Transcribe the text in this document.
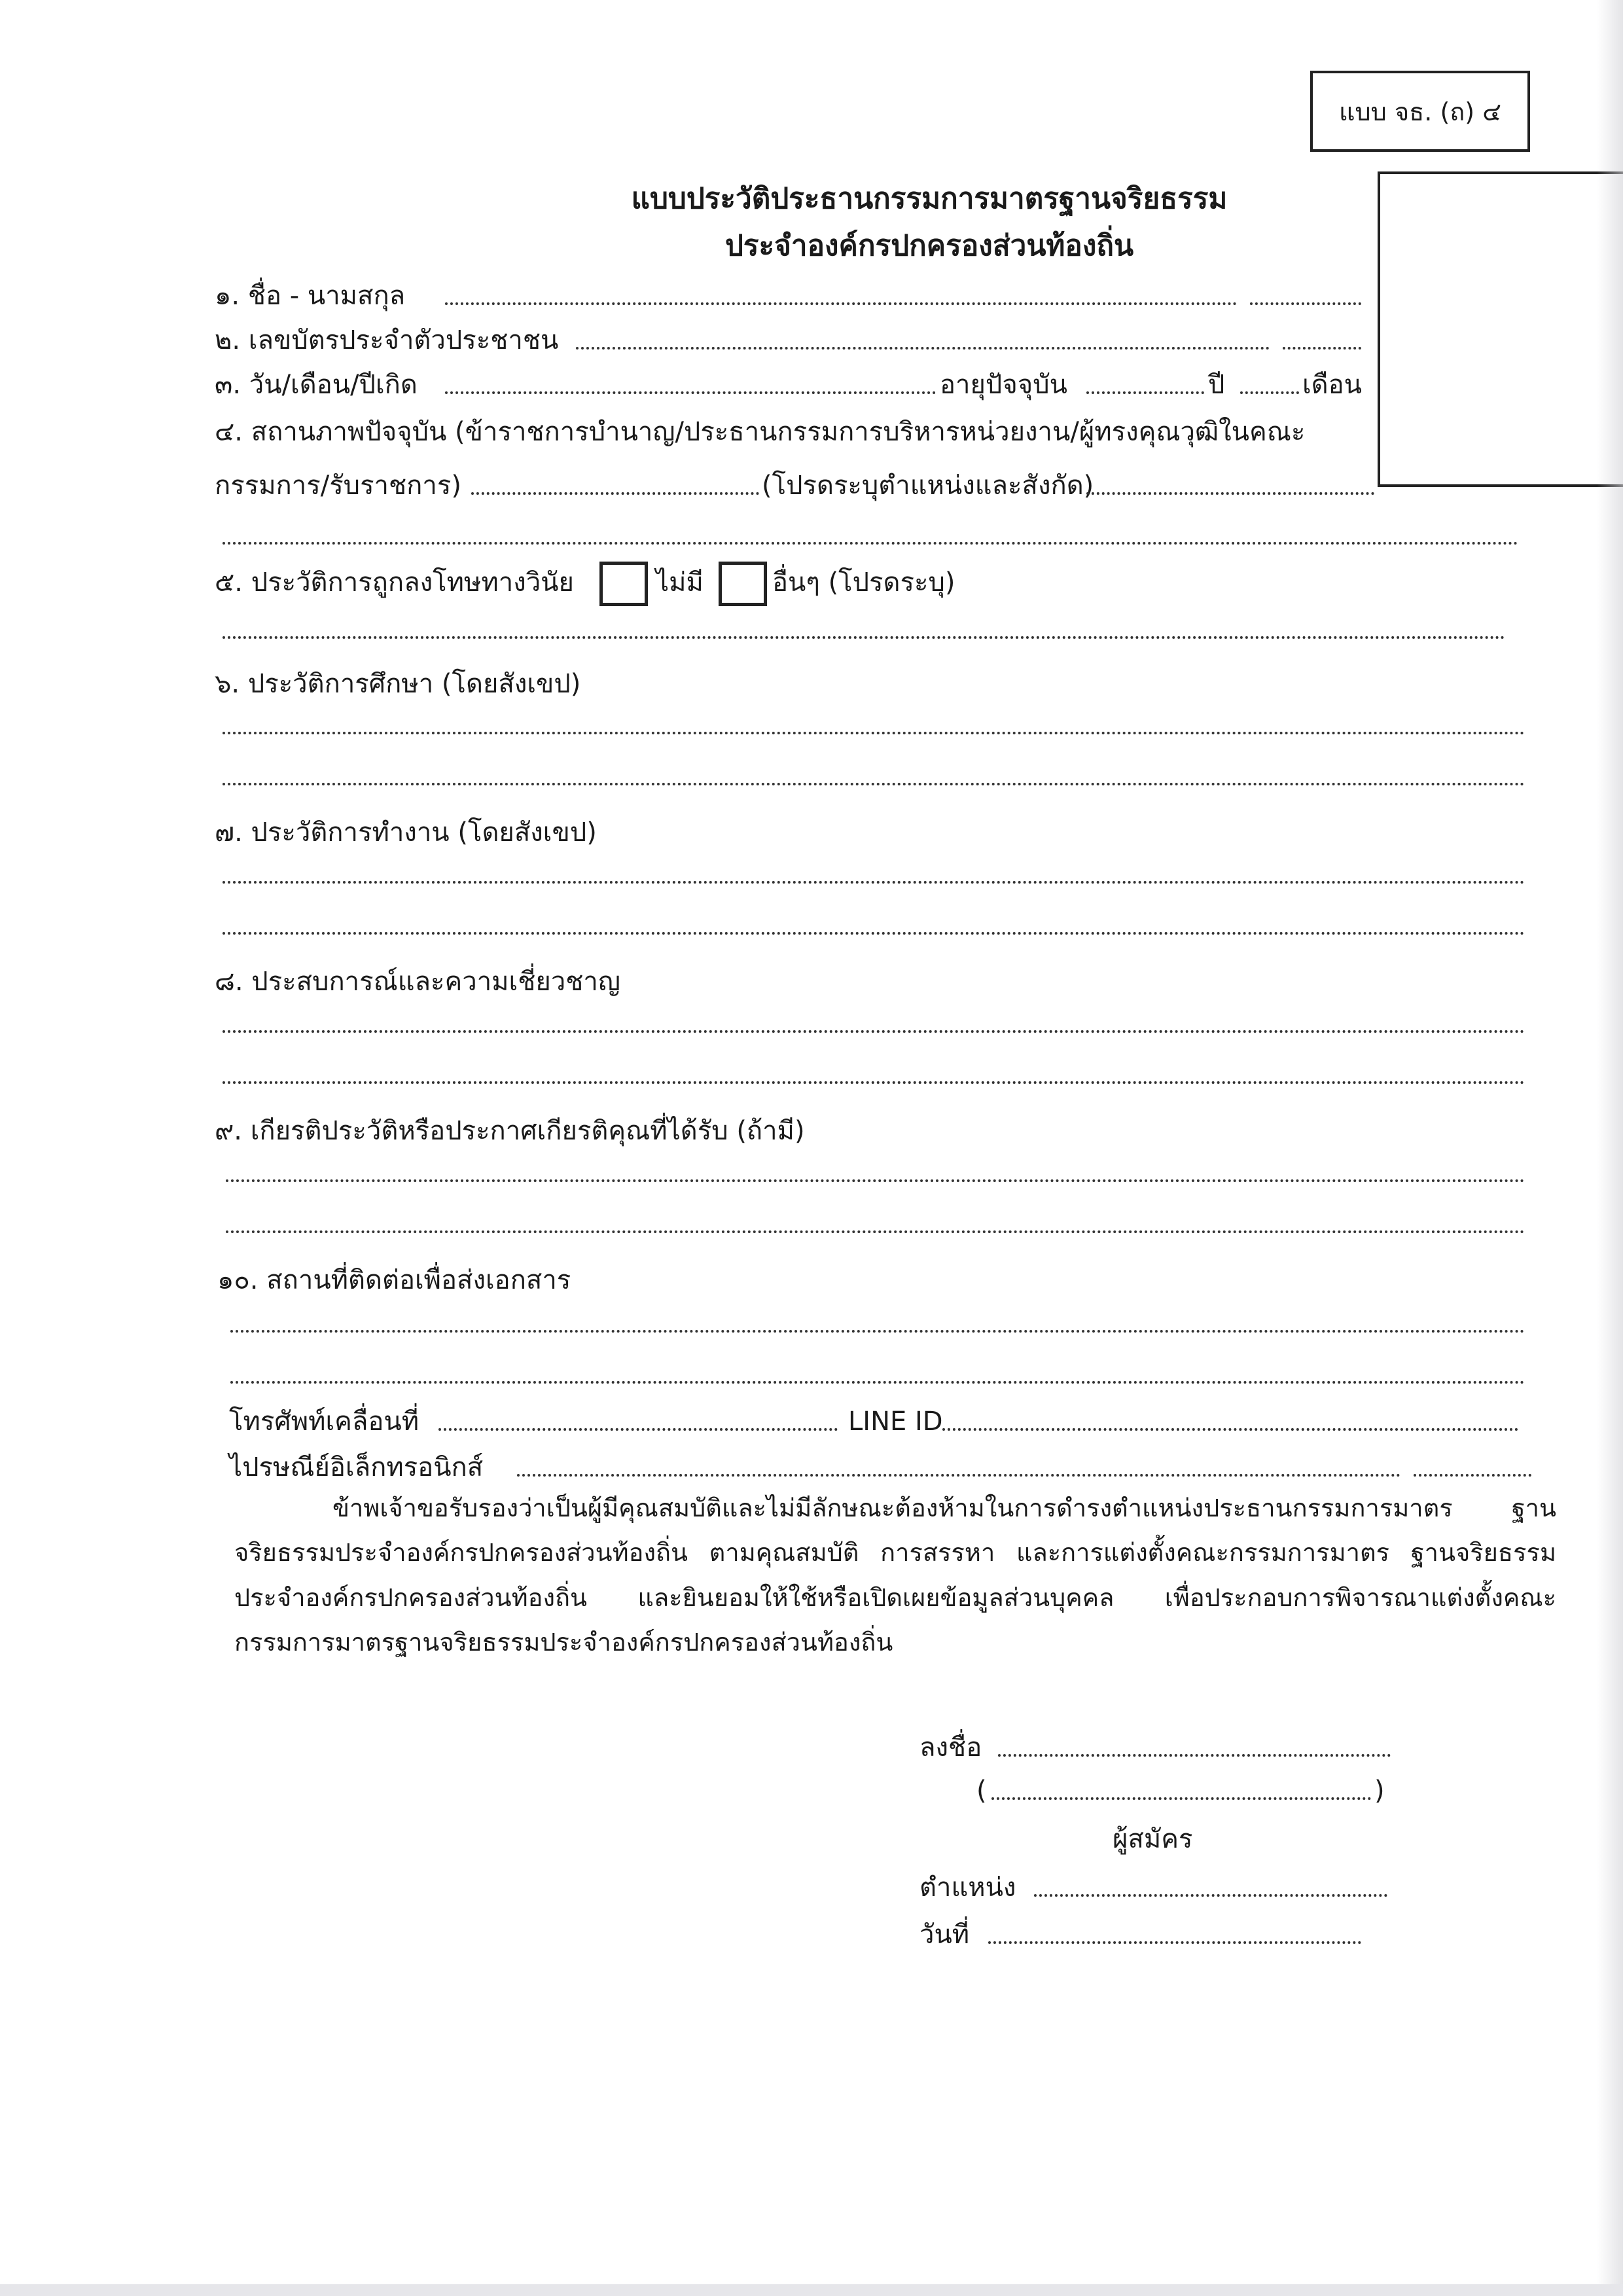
แบบ จธ. (ถ) ๔
แบบประวัติประธานกรรมการมาตรฐานจริยธรรม
ประจำองค์กรปกครองส่วนท้องถิ่น
๑. ชื่อ - นามสกุล
๒. เลขบัตรประจำตัวประชาชน
๓. วัน/เดือน/ปีเกิด	อายุปัจจุบัน	ปี	เดือน
๔. สถานภาพปัจจุบัน (ข้าราชการบำนาญ/ประธานกรรมการบริหารหน่วยงาน/ผู้ทรงคุณวุฒิในคณะ
กรรมการ/รับราชการ)	(โปรดระบุตำแหน่งและสังกัด)
๕. ประวัติการถูกลงโทษทางวินัย	ไม่มี	อื่นๆ (โปรดระบุ)
๖. ประวัติการศึกษา (โดยสังเขป)
๗. ประวัติการทำงาน (โดยสังเขป)
๘. ประสบการณ์และความเชี่ยวชาญ
๙. เกียรติประวัติหรือประกาศเกียรติคุณที่ได้รับ (ถ้ามี)
๑๐. สถานที่ติดต่อเพื่อส่งเอกสาร
โทรศัพท์เคลื่อนที่	LINE ID
ไปรษณีย์อิเล็กทรอนิกส์
ข้าพเจ้าขอรับรองว่าเป็นผู้มีคุณสมบัติและไม่มีลักษณะต้องห้ามในการดำรงตำแหน่งประธานกรรมการมาตร ฐานจริยธรรมประจำองค์กรปกครองส่วนท้องถิ่น ตามคุณสมบัติ การสรรหา และการแต่งตั้งคณะกรรมการมาตร ฐานจริยธรรมประจำองค์กรปกครองส่วนท้องถิ่น และยินยอมให้ใช้หรือเปิดเผยข้อมูลส่วนบุคคล เพื่อประกอบการพิจารณาแต่งตั้งคณะกรรมการมาตรฐานจริยธรรมประจำองค์กรปกครองส่วนท้องถิ่น
ลงชื่อ
(	)
ผู้สมัคร
ตำแหน่ง
วันที่
